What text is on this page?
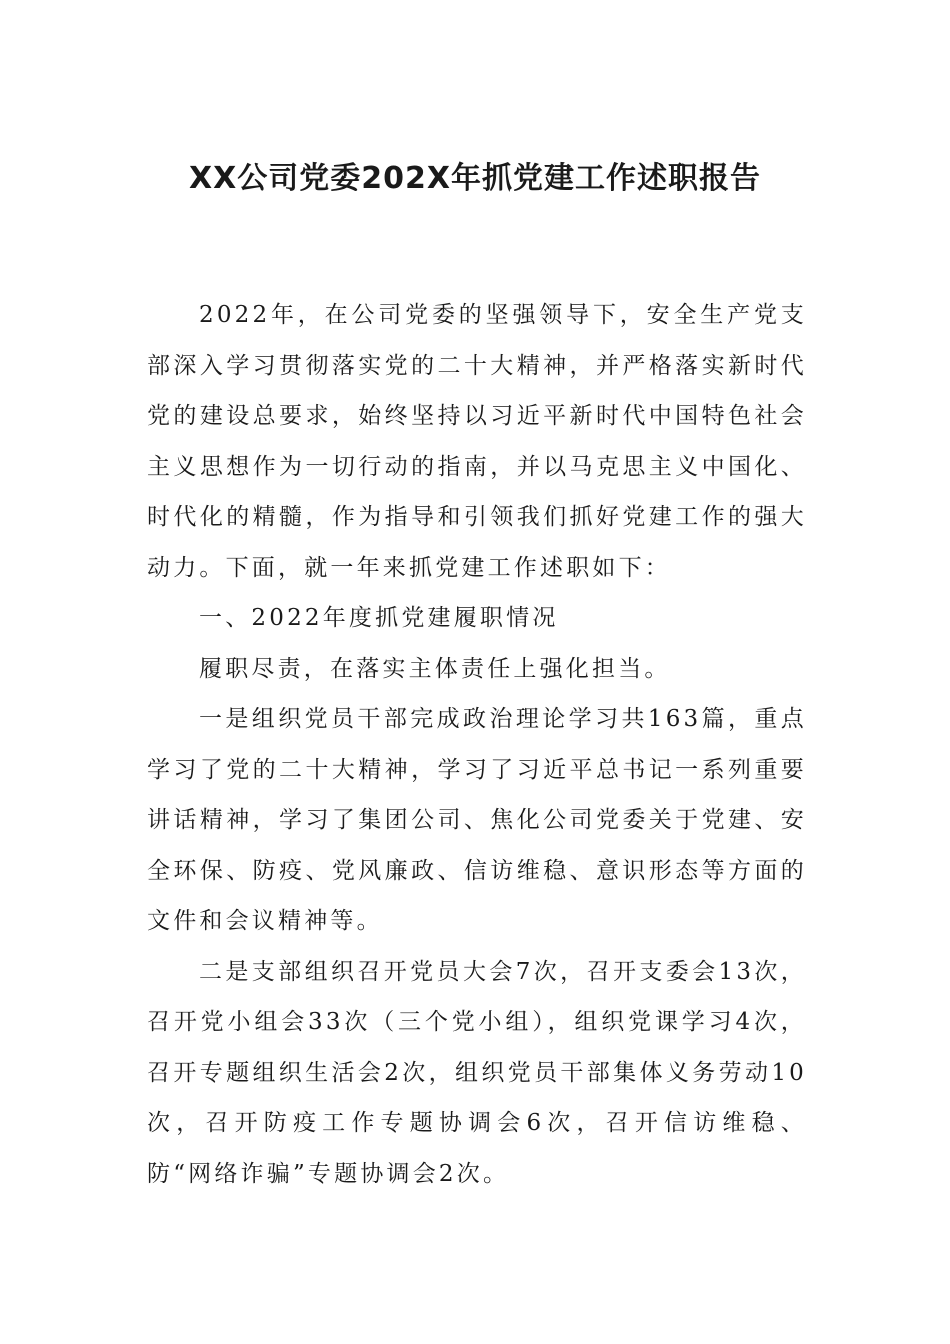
XX公司党委202X年抓党建工作述职报告

2022年，在公司党委的坚强领导下，安全生产党支部深入学习贯彻落实党的二十大精神，并严格落实新时代党的建设总要求，始终坚持以习近平新时代中国特色社会主义思想作为一切行动的指南，并以马克思主义中国化、时代化的精髓，作为指导和引领我们抓好党建工作的强大动力。下面，就一年来抓党建工作述职如下：

一、2022年度抓党建履职情况

履职尽责，在落实主体责任上强化担当。

一是组织党员干部完成政治理论学习共163篇，重点学习了党的二十大精神，学习了习近平总书记一系列重要讲话精神，学习了集团公司、焦化公司党委关于党建、安全环保、防疫、党风廉政、信访维稳、意识形态等方面的文件和会议精神等。

二是支部组织召开党员大会7次，召开支委会13次，召开党小组会33次（三个党小组），组织党课学习4次，召开专题组织生活会2次，组织党员干部集体义务劳动10次，召开防疫工作专题协调会6次，召开信访维稳、防“网络诈骗”专题协调会2次。
